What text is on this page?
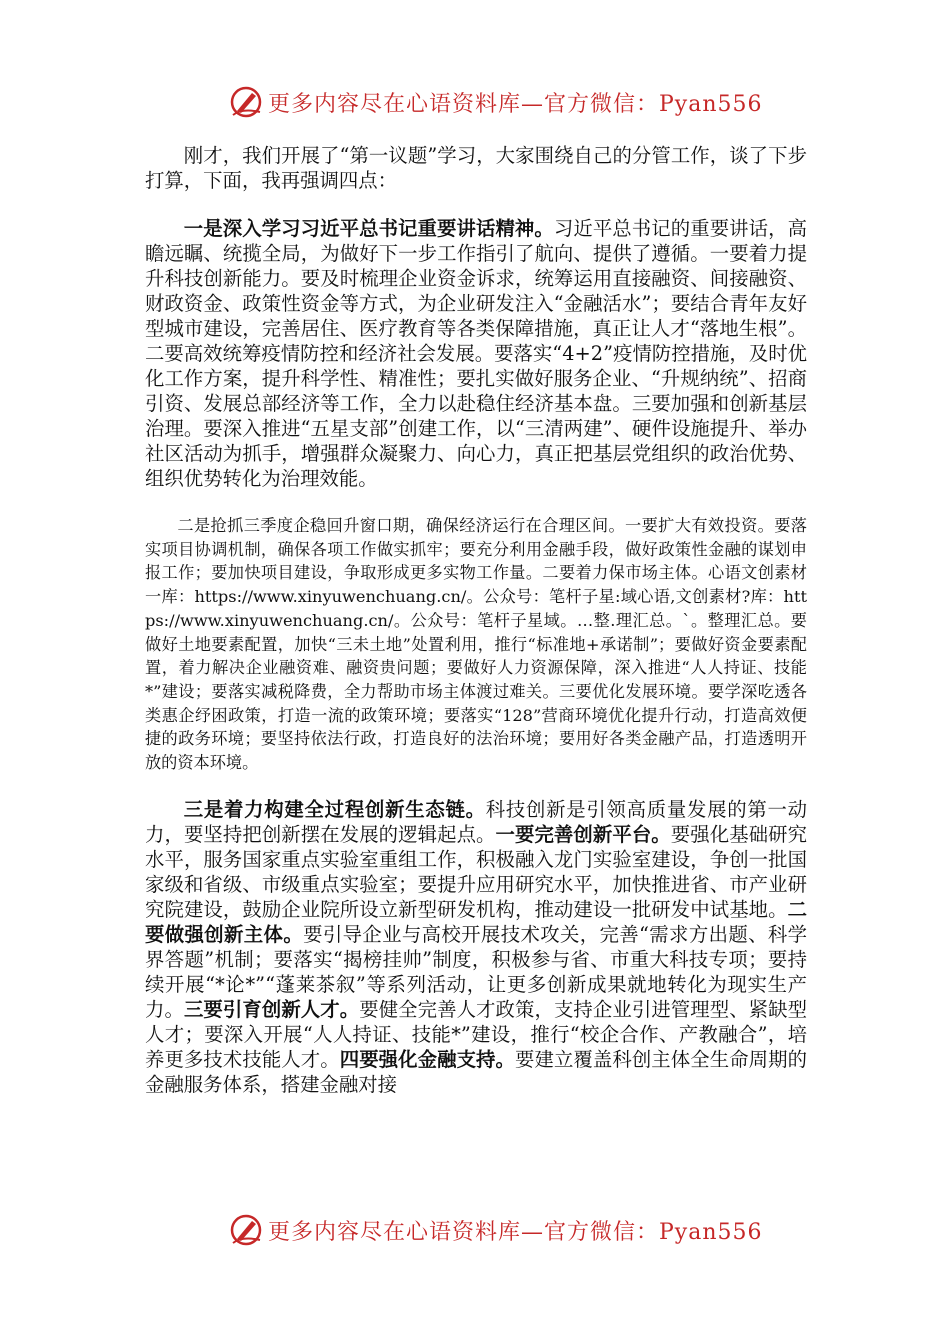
更多内容尽在心语资料库—官方微信：Pyan556

刚才，我们开展了“第一议题”学习，大家围绕自己的分管工作，谈了下步打算，下面，我再强调四点：

一是深入学习习近平总书记重要讲话精神。习近平总书记的重要讲话，高瞻远瞩、统揽全局，为做好下一步工作指引了航向、提供了遵循。一要着力提升科技创新能力。要及时梳理企业资金诉求，统筹运用直接融资、间接融资、财政资金、政策性资金等方式，为企业研发注入“金融活水”；要结合青年友好型城市建设，完善居住、医疗教育等各类保障措施，真正让人才“落地生根”。二要高效统筹疫情防控和经济社会发展。要落实“4+2”疫情防控措施，及时优化工作方案，提升科学性、精准性；要扎实做好服务企业、“升规纳统”、招商引资、发展总部经济等工作，全力以赴稳住经济基本盘。三要加强和创新基层治理。要深入推进“五星支部”创建工作，以“三清两建”、硬件设施提升、举办社区活动为抓手，增强群众凝聚力、向心力，真正把基层党组织的政治优势、组织优势转化为治理效能。

二是抢抓三季度企稳回升窗口期，确保经济运行在合理区间。一要扩大有效投资。要落实项目协调机制，确保各项工作做实抓牢；要充分利用金融手段，做好政策性金融的谋划申报工作；要加快项目建设，争取形成更多实物工作量。二要着力保市场主体。心语文创素材一库：https://www.xinyuwenchuang.cn/。公众号：笔杆子星:域心语,文创素材?库：https://www.xinyuwenchuang.cn/。公众号：笔杆子星域。…整.理汇总。`。整理汇总。要做好土地要素配置，加快“三未土地”处置利用，推行“标准地+承诺制”；要做好资金要素配置，着力解决企业融资难、融资贵问题；要做好人力资源保障，深入推进“人人持证、技能*”建设；要落实减税降费，全力帮助市场主体渡过难关。三要优化发展环境。要学深吃透各类惠企纾困政策，打造一流的政策环境；要落实“128”营商环境优化提升行动，打造高效便捷的政务环境；要坚持依法行政，打造良好的法治环境；要用好各类金融产品，打造透明开放的资本环境。

三是着力构建全过程创新生态链。科技创新是引领高质量发展的第一动力，要坚持把创新摆在发展的逻辑起点。一要完善创新平台。要强化基础研究水平，服务国家重点实验室重组工作，积极融入龙门实验室建设，争创一批国家级和省级、市级重点实验室；要提升应用研究水平，加快推进省、市产业研究院建设，鼓励企业院所设立新型研发机构，推动建设一批研发中试基地。二要做强创新主体。要引导企业与高校开展技术攻关，完善“需求方出题、科学界答题”机制；要落实“揭榜挂帅”制度，积极参与省、市重大科技专项；要持续开展“*论*”“蓬莱茶叙”等系列活动，让更多创新成果就地转化为现实生产力。三要引育创新人才。要健全完善人才政策，支持企业引进管理型、紧缺型人才；要深入开展“人人持证、技能*”建设，推行“校企合作、产教融合”，培养更多技术技能人才。四要强化金融支持。要建立覆盖科创主体全生命周期的金融服务体系，搭建金融对接

更多内容尽在心语资料库—官方微信：Pyan556
